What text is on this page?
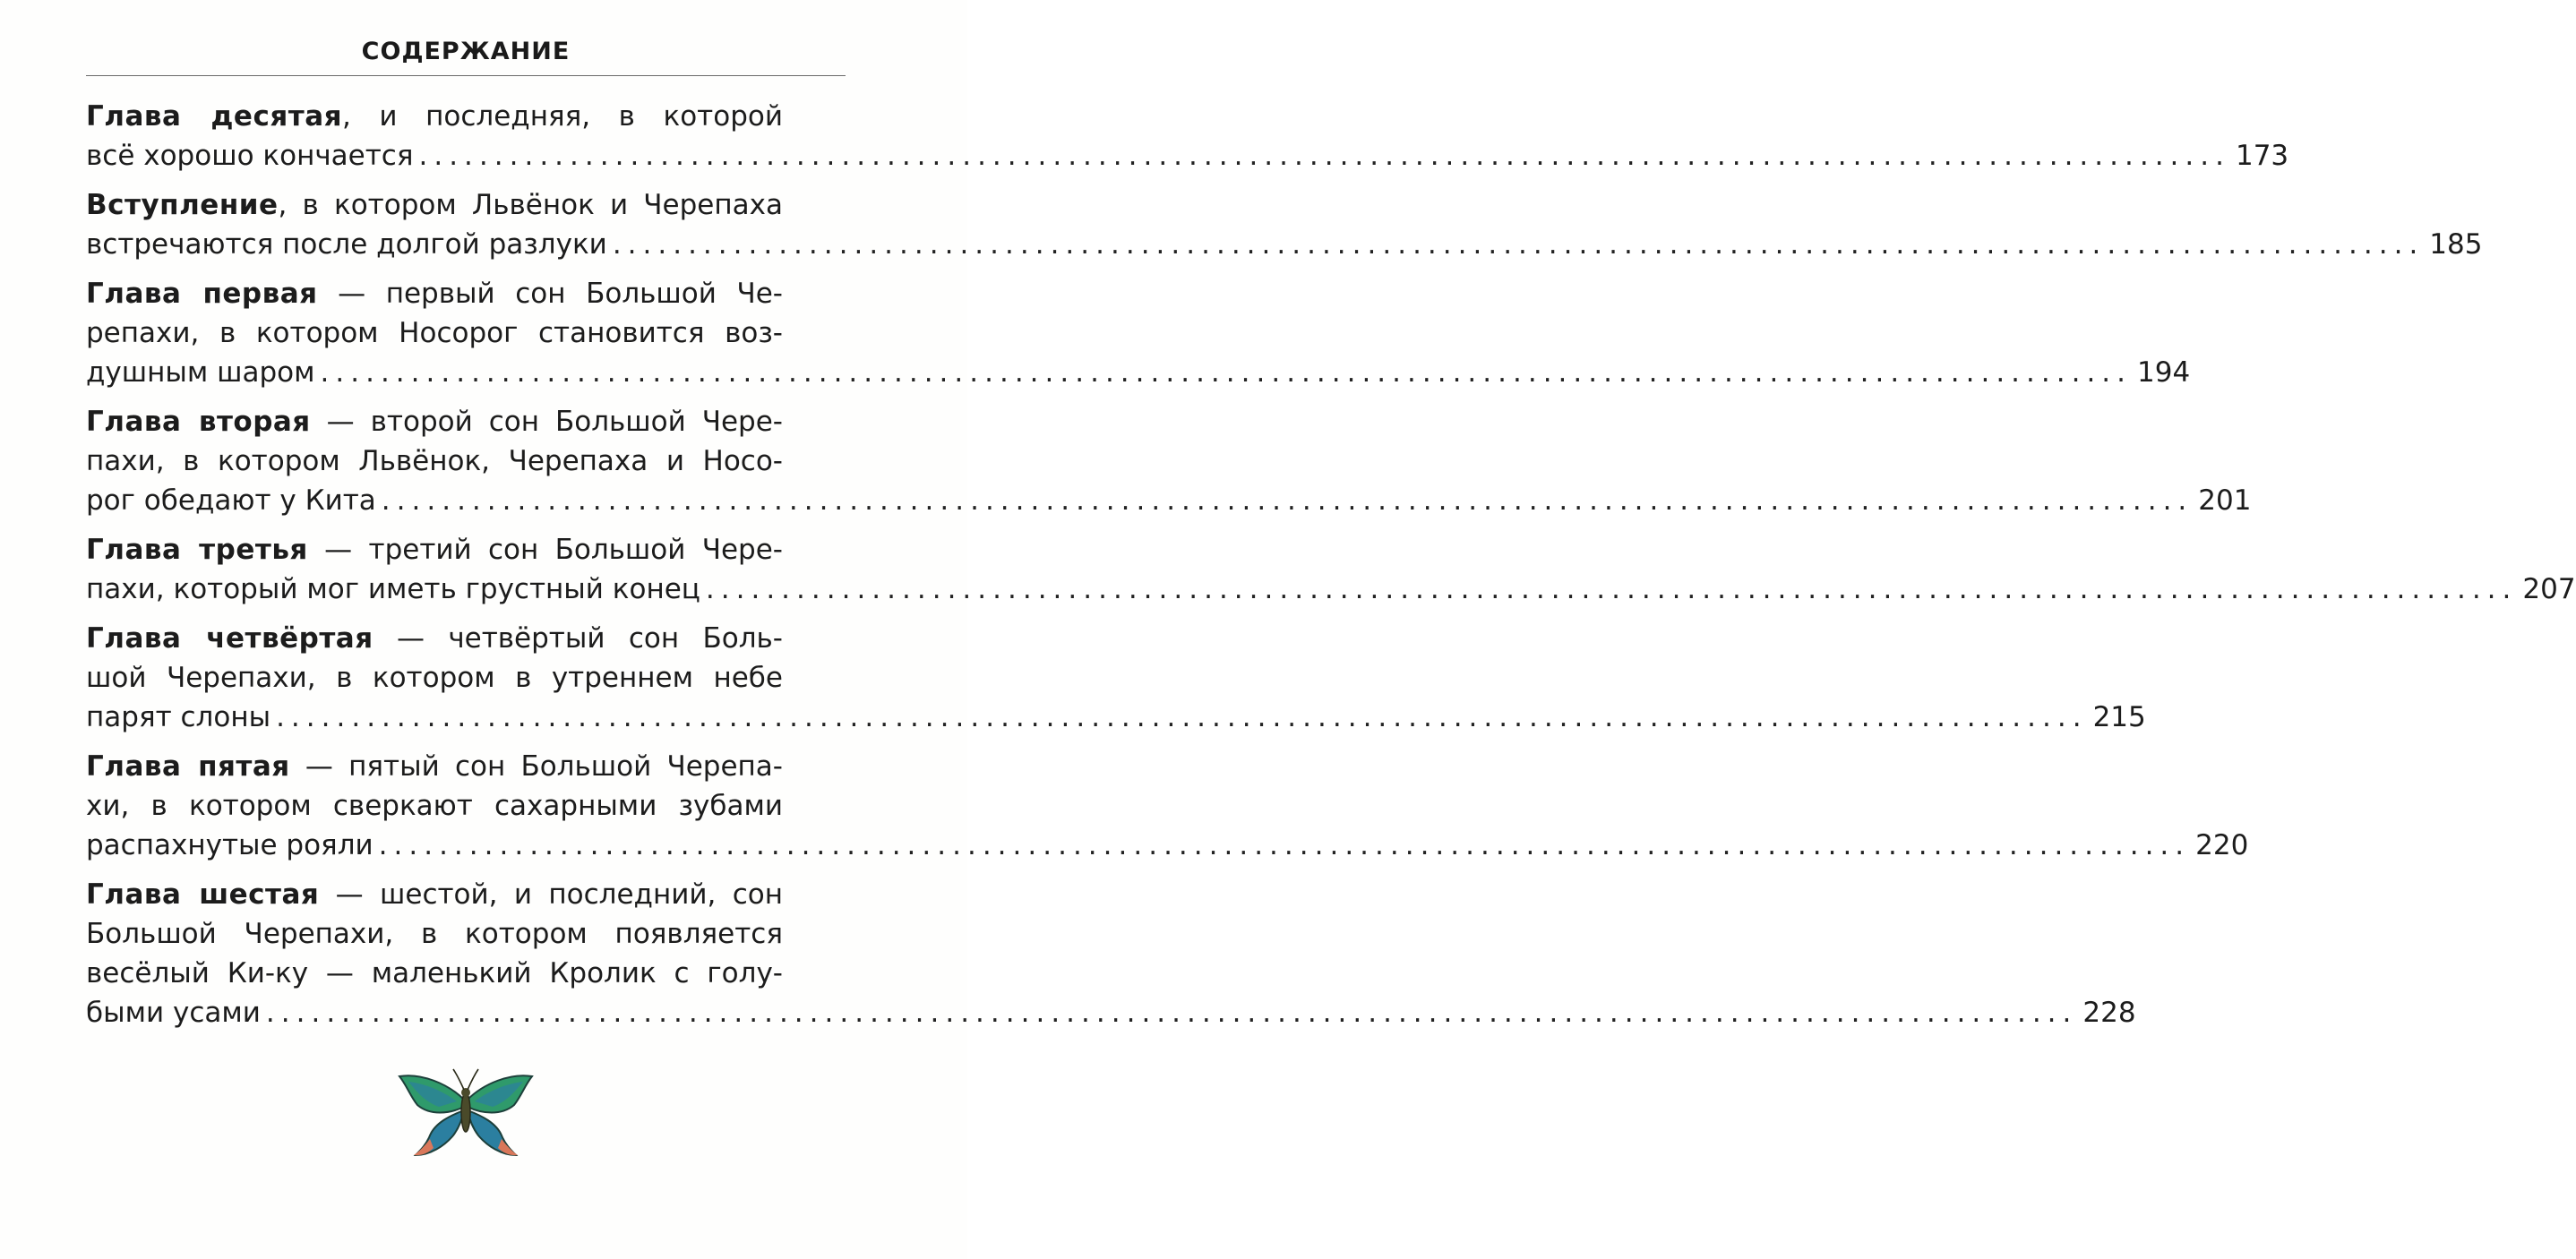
СОДЕРЖАНИЕ
Глава десятая, и последняя, в которой
всё хорошо кончается ........................................................................................................................ 173
Вступление, в котором Львёнок и Черепаха
встречаются после долгой разлуки ........................................................................................................................ 185
Глава первая — первый сон Большой Че-
репахи, в котором Носорог становится воз-
душным шаром ........................................................................................................................ 194
Глава вторая — второй сон Большой Чере-
пахи, в котором Львёнок, Черепаха и Носо-
рог обедают у Кита ........................................................................................................................ 201
Глава третья — третий сон Большой Чере-
пахи, который мог иметь грустный конец ........................................................................................................................ 207
Глава четвёртая — четвёртый сон Боль-
шой Черепахи, в котором в утреннем небе
парят слоны ........................................................................................................................ 215
Глава пятая — пятый сон Большой Черепа-
хи, в котором сверкают сахарными зубами
распахнутые рояли ........................................................................................................................ 220
Глава шестая — шестой, и последний, сон
Большой Черепахи, в котором появляется
весёлый Ки-ку — маленький Кролик с голу-
быми усами ........................................................................................................................ 228
